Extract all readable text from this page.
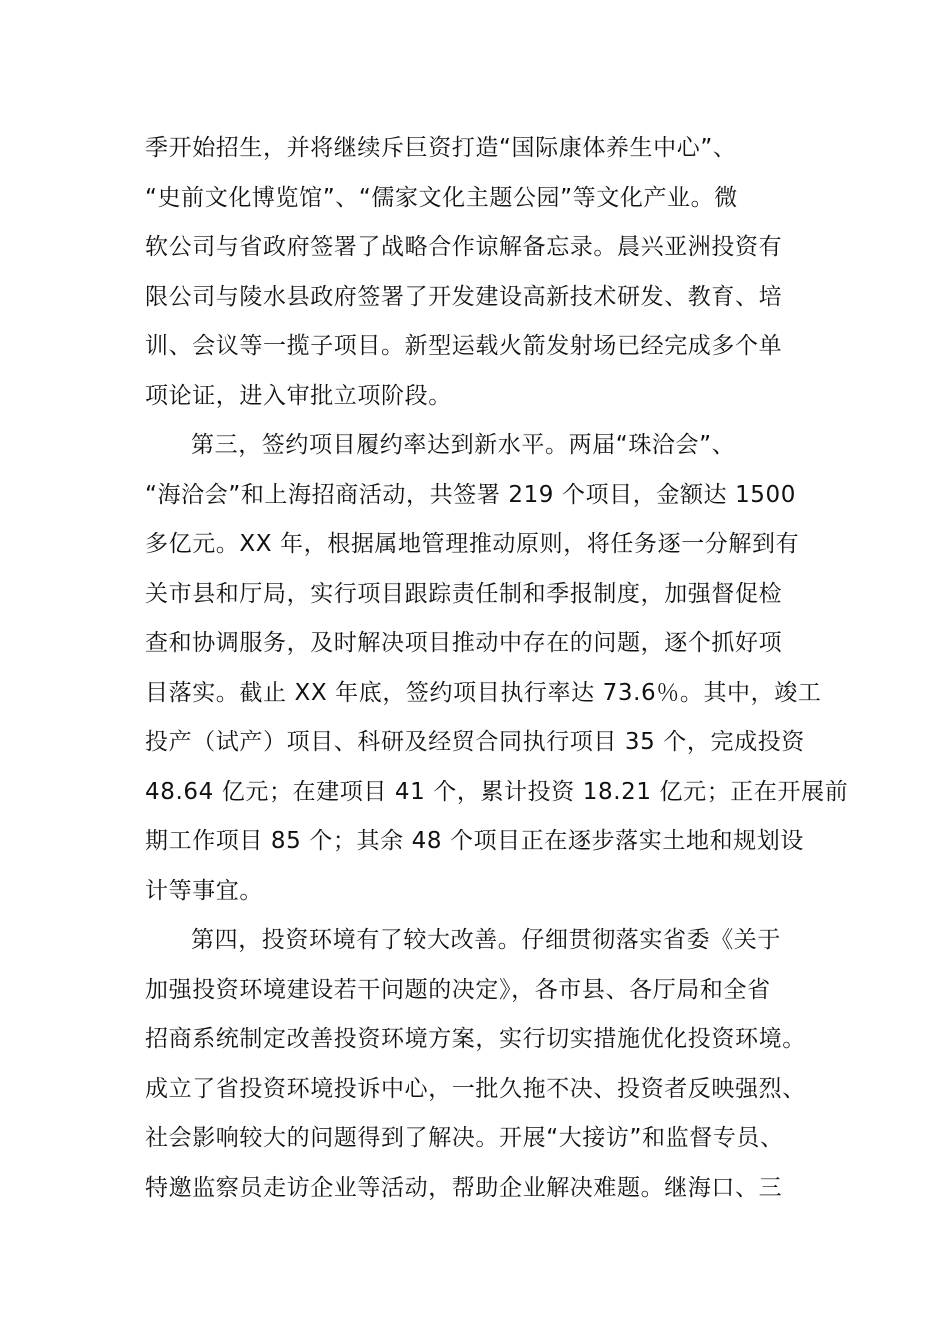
季开始招生，并将继续斥巨资打造“国际康体养生中心”、
“史前文化博览馆”、“儒家文化主题公园”等文化产业。微
软公司与省政府签署了战略合作谅解备忘录。晨兴亚洲投资有
限公司与陵水县政府签署了开发建设高新技术研发、教育、培
训、会议等一揽子项目。新型运载火箭发射场已经完成多个单
项论证，进入审批立项阶段。
第三，签约项目履约率达到新水平。两届“珠洽会”、
“海洽会”和上海招商活动，共签署 219 个项目，金额达 1500
多亿元。XX 年，根据属地管理推动原则，将任务逐一分解到有
关市县和厅局，实行项目跟踪责任制和季报制度，加强督促检
查和协调服务，及时解决项目推动中存在的问题，逐个抓好项
目落实。截止 XX 年底，签约项目执行率达 73.6％。其中，竣工
投产（试产）项目、科研及经贸合同执行项目 35 个，完成投资
48.64 亿元；在建项目 41 个，累计投资 18.21 亿元；正在开展前
期工作项目 85 个；其余 48 个项目正在逐步落实土地和规划设
计等事宜。
第四，投资环境有了较大改善。仔细贯彻落实省委《关于
加强投资环境建设若干问题的决定》，各市县、各厅局和全省
招商系统制定改善投资环境方案，实行切实措施优化投资环境。
成立了省投资环境投诉中心，一批久拖不决、投资者反映强烈、
社会影响较大的问题得到了解决。开展“大接访”和监督专员、
特邀监察员走访企业等活动，帮助企业解决难题。继海口、三
